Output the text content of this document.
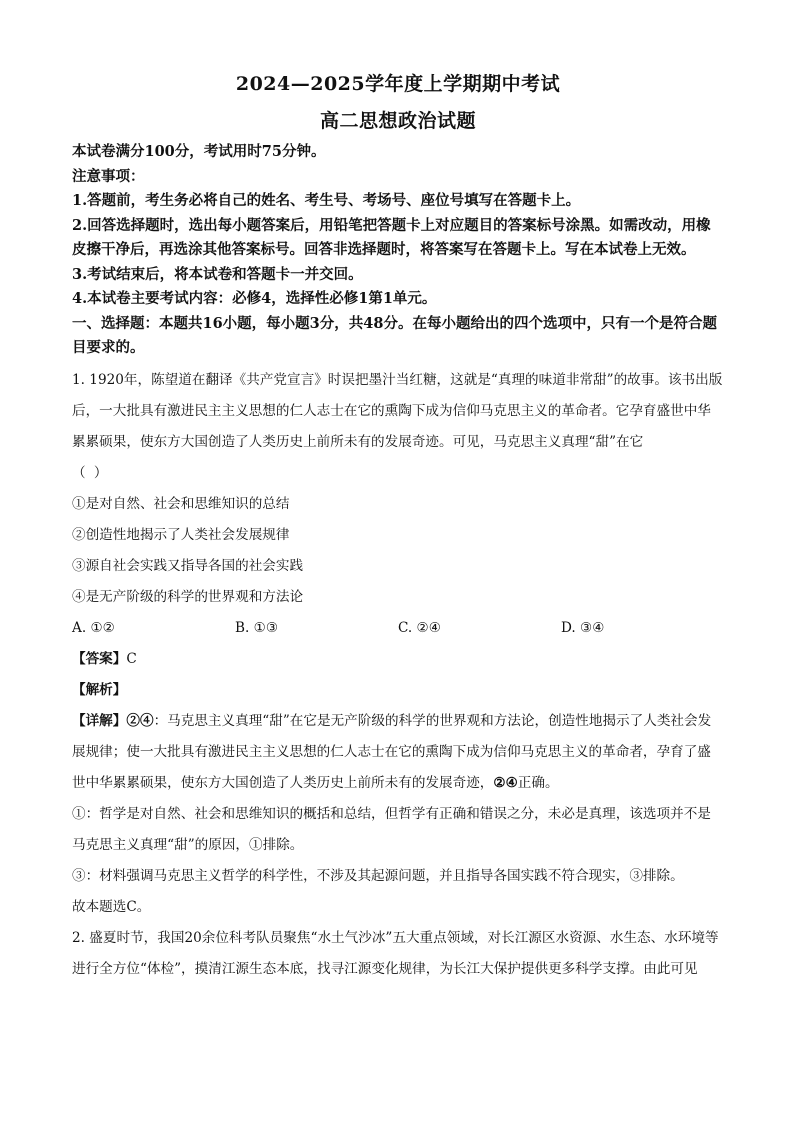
2024—2025学年度上学期期中考试
高二思想政治试题

本试卷满分100分，考试用时75分钟。

注意事项：

1.答题前，考生务必将自己的姓名、考生号、考场号、座位号填写在答题卡上。

2.回答选择题时，选出每小题答案后，用铅笔把答题卡上对应题目的答案标号涂黑。如需改动，用橡皮擦干净后，再选涂其他答案标号。回答非选择题时，将答案写在答题卡上。写在本试卷上无效。

3.考试结束后，将本试卷和答题卡一并交回。

4.本试卷主要考试内容：必修4，选择性必修1第1单元。

一、选择题：本题共16小题，每小题3分，共48分。在每小题给出的四个选项中，只有一个是符合题目要求的。

1. 1920年，陈望道在翻译《共产党宣言》时误把墨汁当红糖，这就是“真理的味道非常甜”的故事。该书出版后，一大批具有激进民主主义思想的仁人志士在它的熏陶下成为信仰马克思主义的革命者。它孕育盛世中华累累硕果，使东方大国创造了人类历史上前所未有的发展奇迹。可见，马克思主义真理“甜”在它

（ ）

①是对自然、社会和思维知识的总结

②创造性地揭示了人类社会发展规律

③源自社会实践又指导各国的社会实践

④是无产阶级的科学的世界观和方法论

A. ①②	B. ①③	C. ②④	D. ③④

【答案】C

【解析】

【详解】②④：马克思主义真理“甜”在它是无产阶级的科学的世界观和方法论，创造性地揭示了人类社会发展规律；使一大批具有激进民主主义思想的仁人志士在它的熏陶下成为信仰马克思主义的革命者，孕育了盛世中华累累硕果，使东方大国创造了人类历史上前所未有的发展奇迹，②④正确。

①：哲学是对自然、社会和思维知识的概括和总结，但哲学有正确和错误之分，未必是真理，该选项并不是马克思主义真理“甜”的原因，①排除。

③：材料强调马克思主义哲学的科学性，不涉及其起源问题，并且指导各国实践不符合现实，③排除。

故本题选C。

2. 盛夏时节，我国20余位科考队员聚焦“水土气沙冰”五大重点领域，对长江源区水资源、水生态、水环境等进行全方位“体检”，摸清江源生态本底，找寻江源变化规律，为长江大保护提供更多科学支撑。由此可见
